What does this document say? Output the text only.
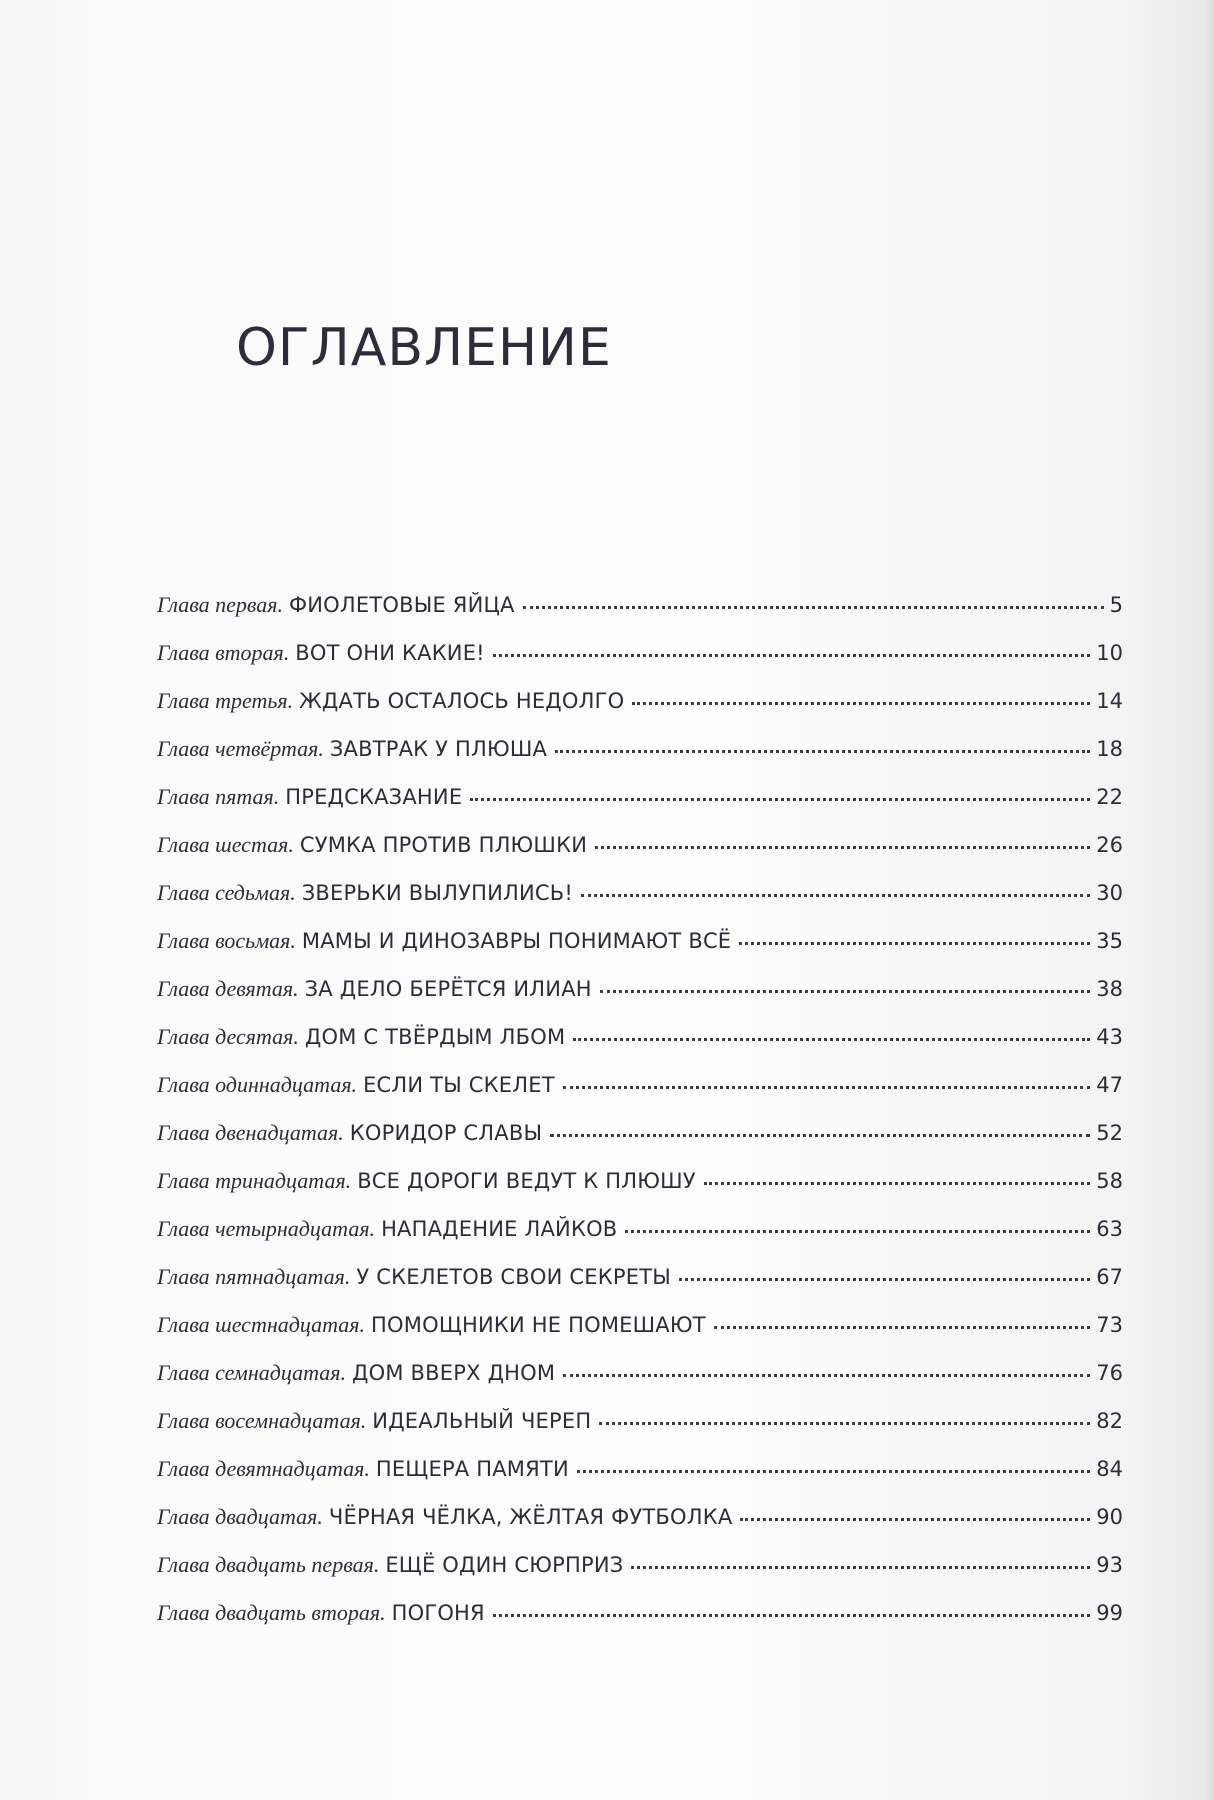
ОГЛАВЛЕНИЕ
Глава первая. ФИОЛЕТОВЫЕ ЯЙЦА	5
Глава вторая. ВОТ ОНИ КАКИЕ!	10
Глава третья. ЖДАТЬ ОСТАЛОСЬ НЕДОЛГО	14
Глава четвёртая. ЗАВТРАК У ПЛЮША	18
Глава пятая. ПРЕДСКАЗАНИЕ	22
Глава шестая. СУМКА ПРОТИВ ПЛЮШКИ	26
Глава седьмая. ЗВЕРЬКИ ВЫЛУПИЛИСЬ!	30
Глава восьмая. МАМЫ И ДИНОЗАВРЫ ПОНИМАЮТ ВСЁ	35
Глава девятая. ЗА ДЕЛО БЕРЁТСЯ ИЛИАН	38
Глава десятая. ДОМ С ТВЁРДЫМ ЛБОМ	43
Глава одиннадцатая. ЕСЛИ ТЫ СКЕЛЕТ	47
Глава двенадцатая. КОРИДОР СЛАВЫ	52
Глава тринадцатая. ВСЕ ДОРОГИ ВЕДУТ К ПЛЮШУ	58
Глава четырнадцатая. НАПАДЕНИЕ ЛАЙКОВ	63
Глава пятнадцатая. У СКЕЛЕТОВ СВОИ СЕКРЕТЫ	67
Глава шестнадцатая. ПОМОЩНИКИ НЕ ПОМЕШАЮТ	73
Глава семнадцатая. ДОМ ВВЕРХ ДНОМ	76
Глава восемнадцатая. ИДЕАЛЬНЫЙ ЧЕРЕП	82
Глава девятнадцатая. ПЕЩЕРА ПАМЯТИ	84
Глава двадцатая. ЧЁРНАЯ ЧЁЛКА, ЖЁЛТАЯ ФУТБОЛКА	90
Глава двадцать первая. ЕЩЁ ОДИН СЮРПРИЗ	93
Глава двадцать вторая. ПОГОНЯ	99
